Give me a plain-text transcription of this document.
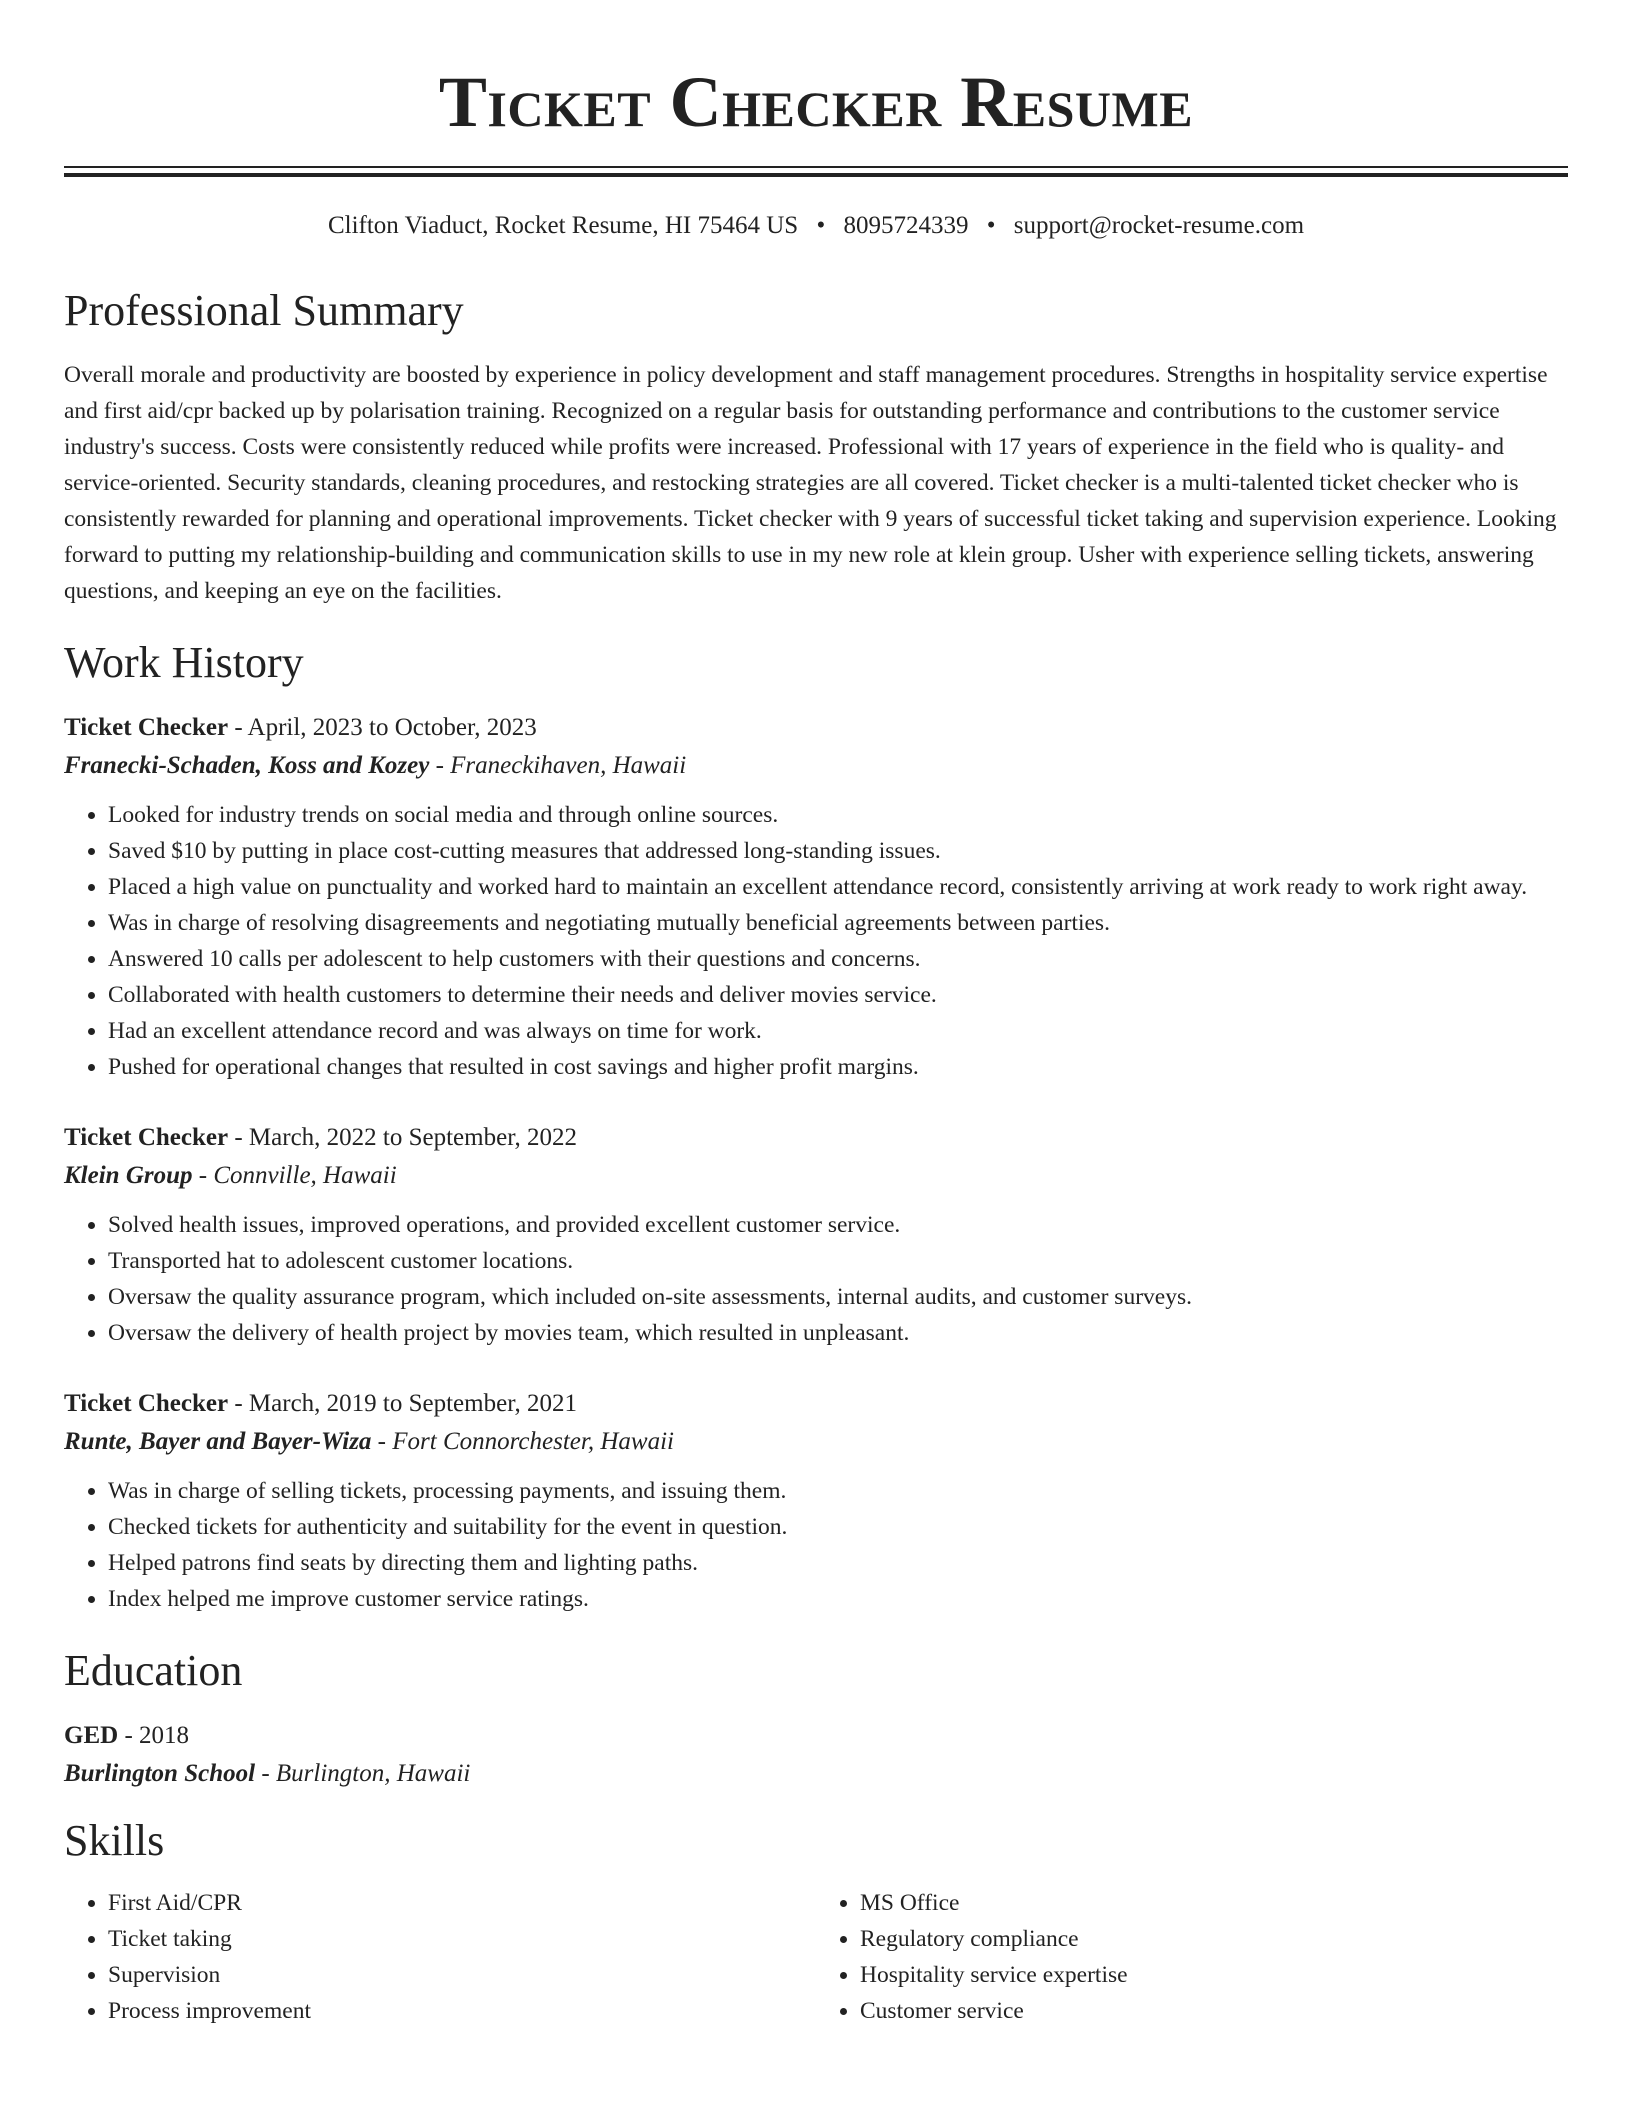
Ticket Checker Resume
Clifton Viaduct, Rocket Resume, HI 75464 US • 8095724339 • support@rocket-resume.com
Professional Summary
Overall morale and productivity are boosted by experience in policy development and staff management procedures. Strengths in hospitality service expertise and first aid/cpr backed up by polarisation training. Recognized on a regular basis for outstanding performance and contributions to the customer service industry's success. Costs were consistently reduced while profits were increased. Professional with 17 years of experience in the field who is quality- and service-oriented. Security standards, cleaning procedures, and restocking strategies are all covered. Ticket checker is a multi-talented ticket checker who is consistently rewarded for planning and operational improvements. Ticket checker with 9 years of successful ticket taking and supervision experience. Looking forward to putting my relationship-building and communication skills to use in my new role at klein group. Usher with experience selling tickets, answering questions, and keeping an eye on the facilities.
Work History
Ticket Checker - April, 2023 to October, 2023
Franecki-Schaden, Koss and Kozey - Franeckihaven, Hawaii
• Looked for industry trends on social media and through online sources.
• Saved $10 by putting in place cost-cutting measures that addressed long-standing issues.
• Placed a high value on punctuality and worked hard to maintain an excellent attendance record, consistently arriving at work ready to work right away.
• Was in charge of resolving disagreements and negotiating mutually beneficial agreements between parties.
• Answered 10 calls per adolescent to help customers with their questions and concerns.
• Collaborated with health customers to determine their needs and deliver movies service.
• Had an excellent attendance record and was always on time for work.
• Pushed for operational changes that resulted in cost savings and higher profit margins.
Ticket Checker - March, 2022 to September, 2022
Klein Group - Connville, Hawaii
• Solved health issues, improved operations, and provided excellent customer service.
• Transported hat to adolescent customer locations.
• Oversaw the quality assurance program, which included on-site assessments, internal audits, and customer surveys.
• Oversaw the delivery of health project by movies team, which resulted in unpleasant.
Ticket Checker - March, 2019 to September, 2021
Runte, Bayer and Bayer-Wiza - Fort Connorchester, Hawaii
• Was in charge of selling tickets, processing payments, and issuing them.
• Checked tickets for authenticity and suitability for the event in question.
• Helped patrons find seats by directing them and lighting paths.
• Index helped me improve customer service ratings.
Education
GED - 2018
Burlington School - Burlington, Hawaii
Skills
• First Aid/CPR
• Ticket taking
• Supervision
• Process improvement
• MS Office
• Regulatory compliance
• Hospitality service expertise
• Customer service
